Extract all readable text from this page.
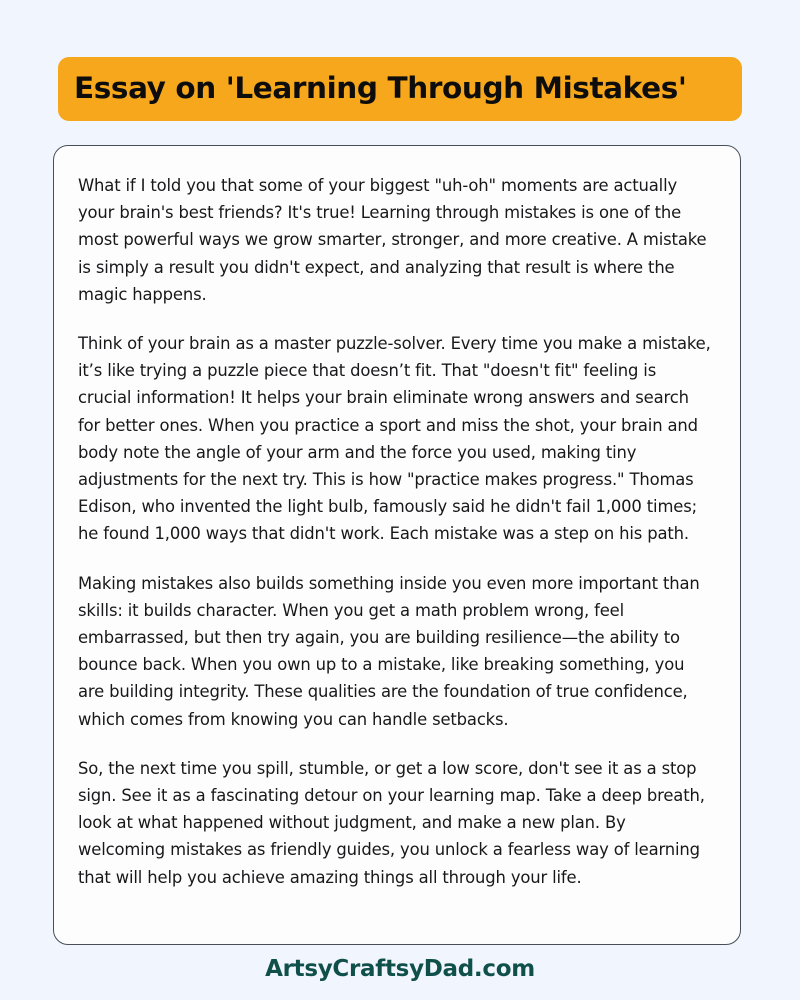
Essay on 'Learning Through Mistakes'

What if I told you that some of your biggest "uh-oh" moments are actually your brain's best friends? It's true! Learning through mistakes is one of the most powerful ways we grow smarter, stronger, and more creative. A mistake is simply a result you didn't expect, and analyzing that result is where the magic happens.

Think of your brain as a master puzzle-solver. Every time you make a mistake, it’s like trying a puzzle piece that doesn’t fit. That "doesn't fit" feeling is crucial information! It helps your brain eliminate wrong answers and search for better ones. When you practice a sport and miss the shot, your brain and body note the angle of your arm and the force you used, making tiny adjustments for the next try. This is how "practice makes progress." Thomas Edison, who invented the light bulb, famously said he didn't fail 1,000 times; he found 1,000 ways that didn't work. Each mistake was a step on his path.

Making mistakes also builds something inside you even more important than skills: it builds character. When you get a math problem wrong, feel embarrassed, but then try again, you are building resilience—the ability to bounce back. When you own up to a mistake, like breaking something, you are building integrity. These qualities are the foundation of true confidence, which comes from knowing you can handle setbacks.

So, the next time you spill, stumble, or get a low score, don't see it as a stop sign. See it as a fascinating detour on your learning map. Take a deep breath, look at what happened without judgment, and make a new plan. By welcoming mistakes as friendly guides, you unlock a fearless way of learning that will help you achieve amazing things all through your life.

ArtsyCraftsyDad.com
